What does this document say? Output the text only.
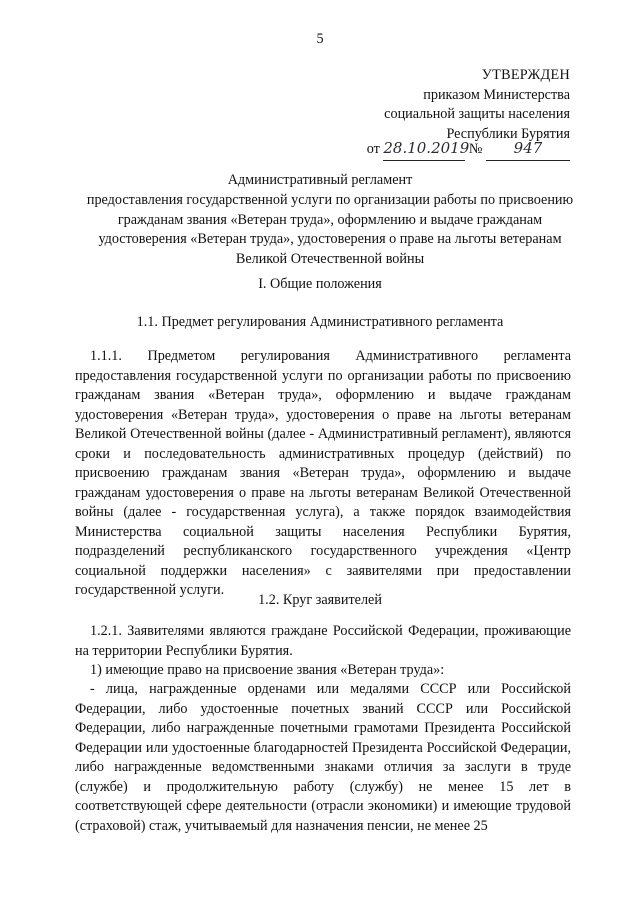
5
УТВЕРЖДЕН
приказом Министерства
социальной защиты населения
Республики Бурятия
от 28.10.2019 № 947
Административный регламент
предоставления государственной услуги по организации работы по присвоению гражданам звания «Ветеран труда», оформлению и выдаче гражданам удостоверения «Ветеран труда», удостоверения о праве на льготы ветеранам Великой Отечественной войны
I. Общие положения
1.1. Предмет регулирования Административного регламента
1.1.1. Предметом регулирования Административного регламента предоставления государственной услуги по организации работы по присвоению гражданам звания «Ветеран труда», оформлению и выдаче гражданам удостоверения «Ветеран труда», удостоверения о праве на льготы ветеранам Великой Отечественной войны (далее - Административный регламент), являются сроки и последовательность административных процедур (действий) по присвоению гражданам звания «Ветеран труда», оформлению и выдаче гражданам удостоверения о праве на льготы ветеранам Великой Отечественной войны (далее - государственная услуга), а также порядок взаимодействия Министерства социальной защиты населения Республики Бурятия, подразделений республиканского государственного учреждения «Центр социальной поддержки населения» с заявителями при предоставлении государственной услуги.
1.2. Круг заявителей
1.2.1. Заявителями являются граждане Российской Федерации, проживающие на территории Республики Бурятия.
1) имеющие право на присвоение звания «Ветеран труда»:
- лица, награжденные орденами или медалями СССР или Российской Федерации, либо удостоенные почетных званий СССР или Российской Федерации, либо награжденные почетными грамотами Президента Российской Федерации или удостоенные благодарностей Президента Российской Федерации, либо награжденные ведомственными знаками отличия за заслуги в труде (службе) и продолжительную работу (службу) не менее 15 лет в соответствующей сфере деятельности (отрасли экономики) и имеющие трудовой (страховой) стаж, учитываемый для назначения пенсии, не менее 25
